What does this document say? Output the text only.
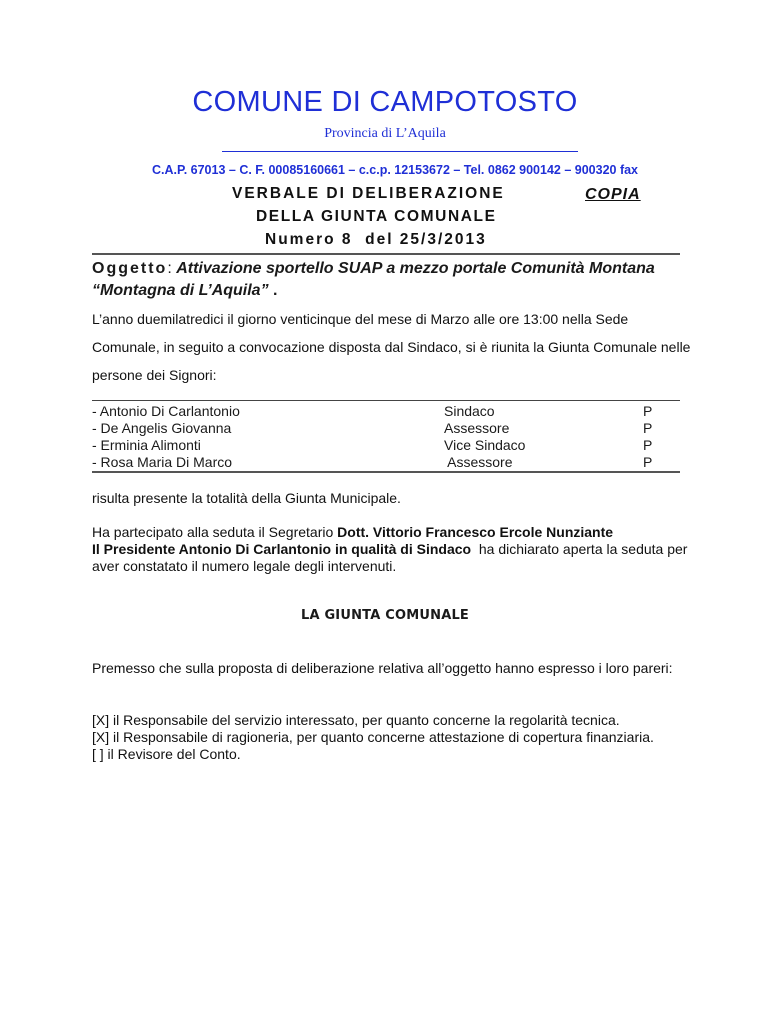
COMUNE DI CAMPOTOSTO
Provincia di L’Aquila
C.A.P. 67013 – C. F. 00085160661 – c.c.p. 12153672 – Tel. 0862 900142 – 900320 fax
VERBALE DI DELIBERAZIONE	COPIA
DELLA GIUNTA COMUNALE
Numero 8  del 25/3/2013
Oggetto: Attivazione sportello SUAP a mezzo portale Comunità Montana “Montagna di L’Aquila” .
L’anno duemilatredici il giorno venticinque del mese di Marzo alle ore 13:00 nella Sede Comunale, in seguito a convocazione disposta dal Sindaco, si è riunita la Giunta Comunale nelle persone dei Signori:
- Antonio Di Carlantonio	Sindaco	P
- De Angelis Giovanna	Assessore	P
- Erminia Alimonti	Vice Sindaco	P
- Rosa Maria Di Marco	Assessore	P
risulta presente la totalità della Giunta Municipale.
Ha partecipato alla seduta il Segretario Dott. Vittorio Francesco Ercole Nunziante
Il Presidente Antonio Di Carlantonio in qualità di Sindaco  ha dichiarato aperta la seduta per aver constatato il numero legale degli intervenuti.
LA GIUNTA COMUNALE
Premesso che sulla proposta di deliberazione relativa all’oggetto hanno espresso i loro pareri:
[X] il Responsabile del servizio interessato, per quanto concerne la regolarità tecnica.
[X] il Responsabile di ragioneria, per quanto concerne attestazione di copertura finanziaria.
[ ] il Revisore del Conto.
